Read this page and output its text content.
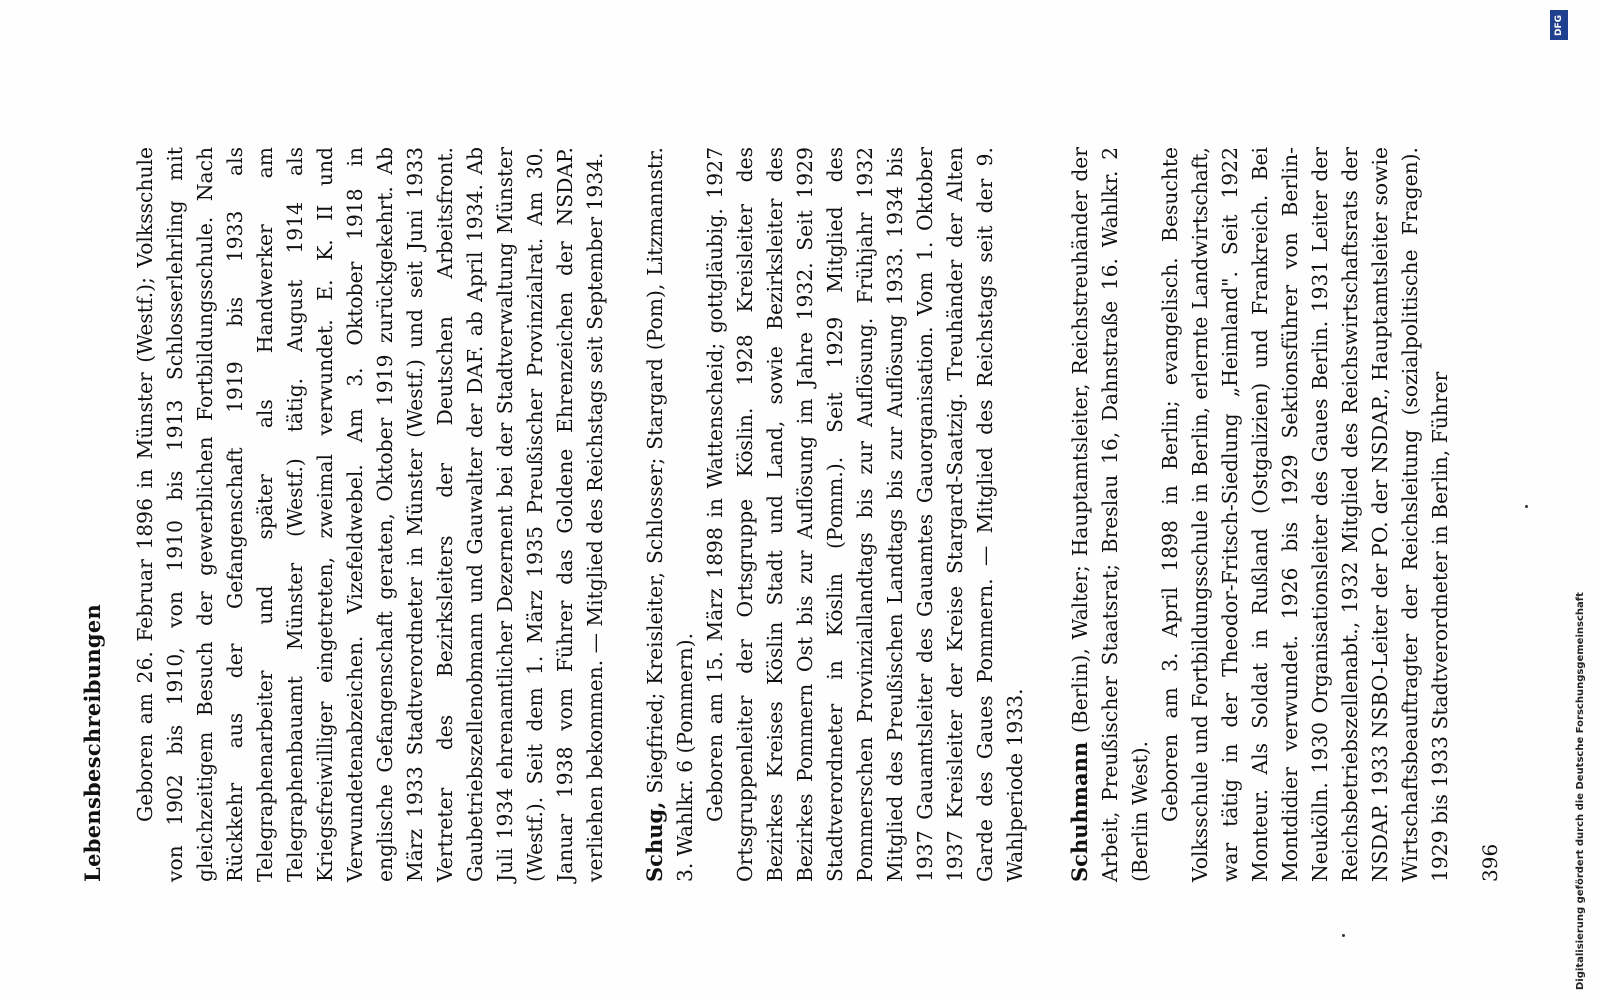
Lebensbeschreibungen Geboren am 26. Februar 1896 in Münster (Westf.); Volksschule von 1902 bis 1910, von 1910 bis 1913 Schlosserlehrling mit gleichzeitigem Besuch der gewerblichen Fortbildungsschule. Nach Rückkehr aus der Gefangenschaft 1919 bis 1933 als Telegraphenarbeiter und später als Handwerker am Telegraphenbauamt Münster (Westf.) tätig. August 1914 als Kriegsfreiwilliger eingetreten, zweimal verwundet. E. K. II und Verwundetenabzeichen. Vizefeldwebel. Am 3. Oktober 1918 in englische Gefangenschaft geraten, Oktober 1919 zurückgekehrt. Ab März 1933 Stadtverordneter in Münster (Westf.) und seit Juni 1933 Vertreter des Bezirksleiters der Deutschen Arbeitsfront. Gaubetriebszellenobmann und Gauwalter der DAF. ab April 1934. Ab Juli 1934 ehrenamtlicher Dezernent bei der Stadtverwaltung Münster (Westf.). Seit dem 1. März 1935 Preußischer Provinzialrat. Am 30. Januar 1938 vom Führer das Goldene Ehrenzeichen der NSDAP. verliehen bekommen. — Mitglied des Reichstags seit September 1934. Schug, Siegfried; Kreisleiter, Schlosser; Stargard (Pom), Litzmannstr. 3. Wahlkr. 6 (Pommern). Geboren am 15. März 1898 in Wattenscheid; gottgläubig. 1927 Ortsgruppenleiter der Ortsgruppe Köslin. 1928 Kreisleiter des Bezirkes Kreises Köslin Stadt und Land, sowie Bezirksleiter des Bezirkes Pommern Ost bis zur Auflösung im Jahre 1932. Seit 1929 Stadtverordneter in Köslin (Pomm.). Seit 1929 Mitglied des Pommerschen Provinziallandtags bis zur Auflösung. Frühjahr 1932 Mitglied des Preußischen Landtags bis zur Auflösung 1933. 1934 bis 1937 Gauamtsleiter des Gauamtes Gauorganisation. Vom 1. Oktober 1937 Kreisleiter der Kreise Stargard-Saatzig. Treuhänder der Alten Garde des Gaues Pommern. — Mitglied des Reichstags seit der 9. Wahlperiode 1933. Schuhmann (Berlin), Walter; Hauptamtsleiter, Reichstreuhänder der Arbeit, Preußischer Staatsrat; Breslau 16, Dahnstraße 16. Wahlkr. 2 (Berlin West). Geboren am 3. April 1898 in Berlin; evangelisch. Besuchte Volksschule und Fortbildungsschule in Berlin, erlernte Landwirtschaft, war tätig in der Theodor-Fritsch-Siedlung „Heimland". Seit 1922 Monteur. Als Soldat in Rußland (Ostgalizien) und Frankreich. Bei Montdidier verwundet. 1926 bis 1929 Sektionsführer von Berlin-Neukölln. 1930 Organisationsleiter des Gaues Berlin. 1931 Leiter der Reichsbetriebszellenabt., 1932 Mitglied des Reichswirtschaftsrats der NSDAP. 1933 NSBO-Leiter der PO. der NSDAP., Hauptamtsleiter sowie Wirtschaftsbeauftragter der Reichsleitung (sozialpolitische Fragen). 1929 bis 1933 Stadtverordneter in Berlin, Führer 396	Digitalisierung gefördert durch die Deutsche Forschungsgemeinschaft
DFG
